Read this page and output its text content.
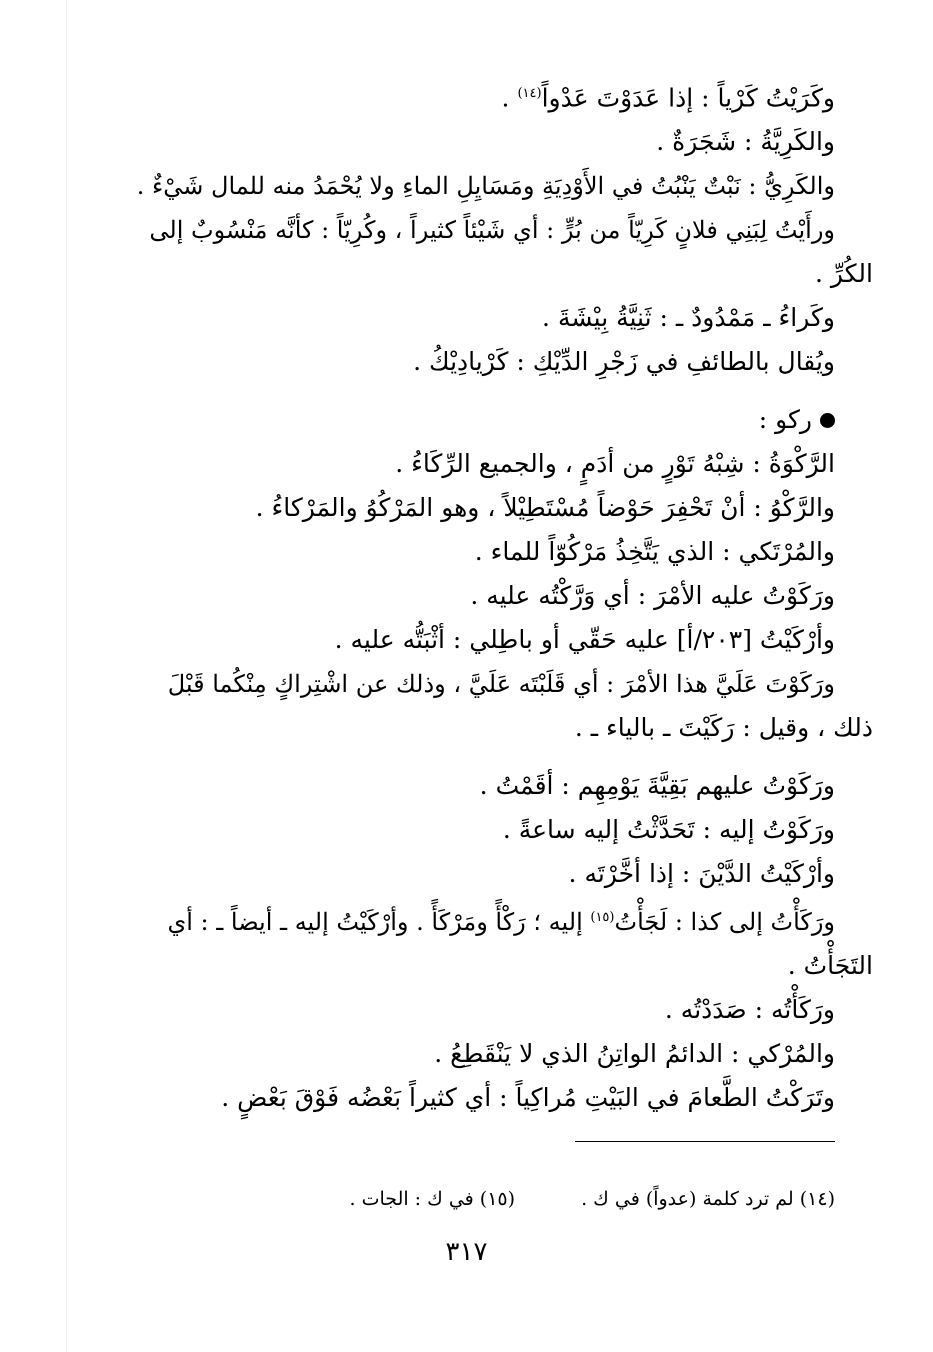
وكَرَيْتُ كَرْياً : إذا عَدَوْتَ عَدْواً$^{(١٤)}$ .

والكَرِيَّةُ : شَجَرَةٌ .

والكَرِيُّ : نَبْتٌ يَنْبُتُ في الأَوْدِيَةِ ومَسَايِلِ الماءِ ولا يُحْمَدُ منه للمال شَيْءٌ .

ورأَيْتُ لِبَنِي فلانٍ كَرِيّاً من بُرٍّ : أي شَيْئاً كثيراً ، وكُرِيّاً : كأنَّه مَنْسُوبٌ إلى

الكُرِّ .

وكَراءُ ـ مَمْدُودٌ ـ : ثَنِيَّةُ بِيْشَةَ .

ويُقال بالطائفِ في زَجْرِ الدِّيْكِ : كَرْيادِيْكُ .

ركو :

الرَّكْوَةُ : شِبْهُ تَوْرٍ من أدَمٍ ، والجميع الرِّكَاءُ .

والرَّكْوُ : أنْ تَحْفِرَ حَوْضاً مُسْتَطِيْلاً ، وهو المَرْكُوُ والمَرْكاءُ .

والمُرْتَكي : الذي يَتَّخِذُ مَرْكُوّاً للماء .

ورَكَوْتُ عليه الأمْرَ : أي وَرَّكْتُه عليه .

وأرْكَيْتُ [٢٠٣/أ] عليه حَقّي أو باطِلي : أثْبَتُّه عليه .

ورَكَوْتَ عَلَيَّ هذا الأمْرَ : أي قَلَبْتَه عَلَيَّ ، وذلك عن اشْتِراكٍ مِنْكُما قَبْلَ

ذلك ، وقيل : رَكَيْتَ ـ بالياء ـ .

ورَكَوْتُ عليهم بَقِيَّةَ يَوْمِهِم : أقَمْتُ .

ورَكَوْتُ إليه : تَحَدَّثْتُ إليه ساعةً .

وأرْكَيْتُ الدَّيْنَ : إذا أخَّرْتَه .

ورَكَأْتُ إلى كذا : لَجَأْتُ$^{(١٥)}$ إليه ؛ رَكْأً ومَرْكَأً . وأرْكَيْتُ إليه ـ أيضاً ـ : أي

التَجَأْتُ .

ورَكَأْتُه : صَدَدْتُه .

والمُرْكي : الدائمُ الواتِنُ الذي لا يَنْقَطِعُ .

وتَرَكْتُ الطَّعامَ في البَيْتِ مُراكِياً : أي كثيراً بَعْضُه فَوْقَ بَعْضٍ .

(١٤) لم ترد كلمة (عدواً) في ك . (١٥) في ك : الجات .
٣١٧
